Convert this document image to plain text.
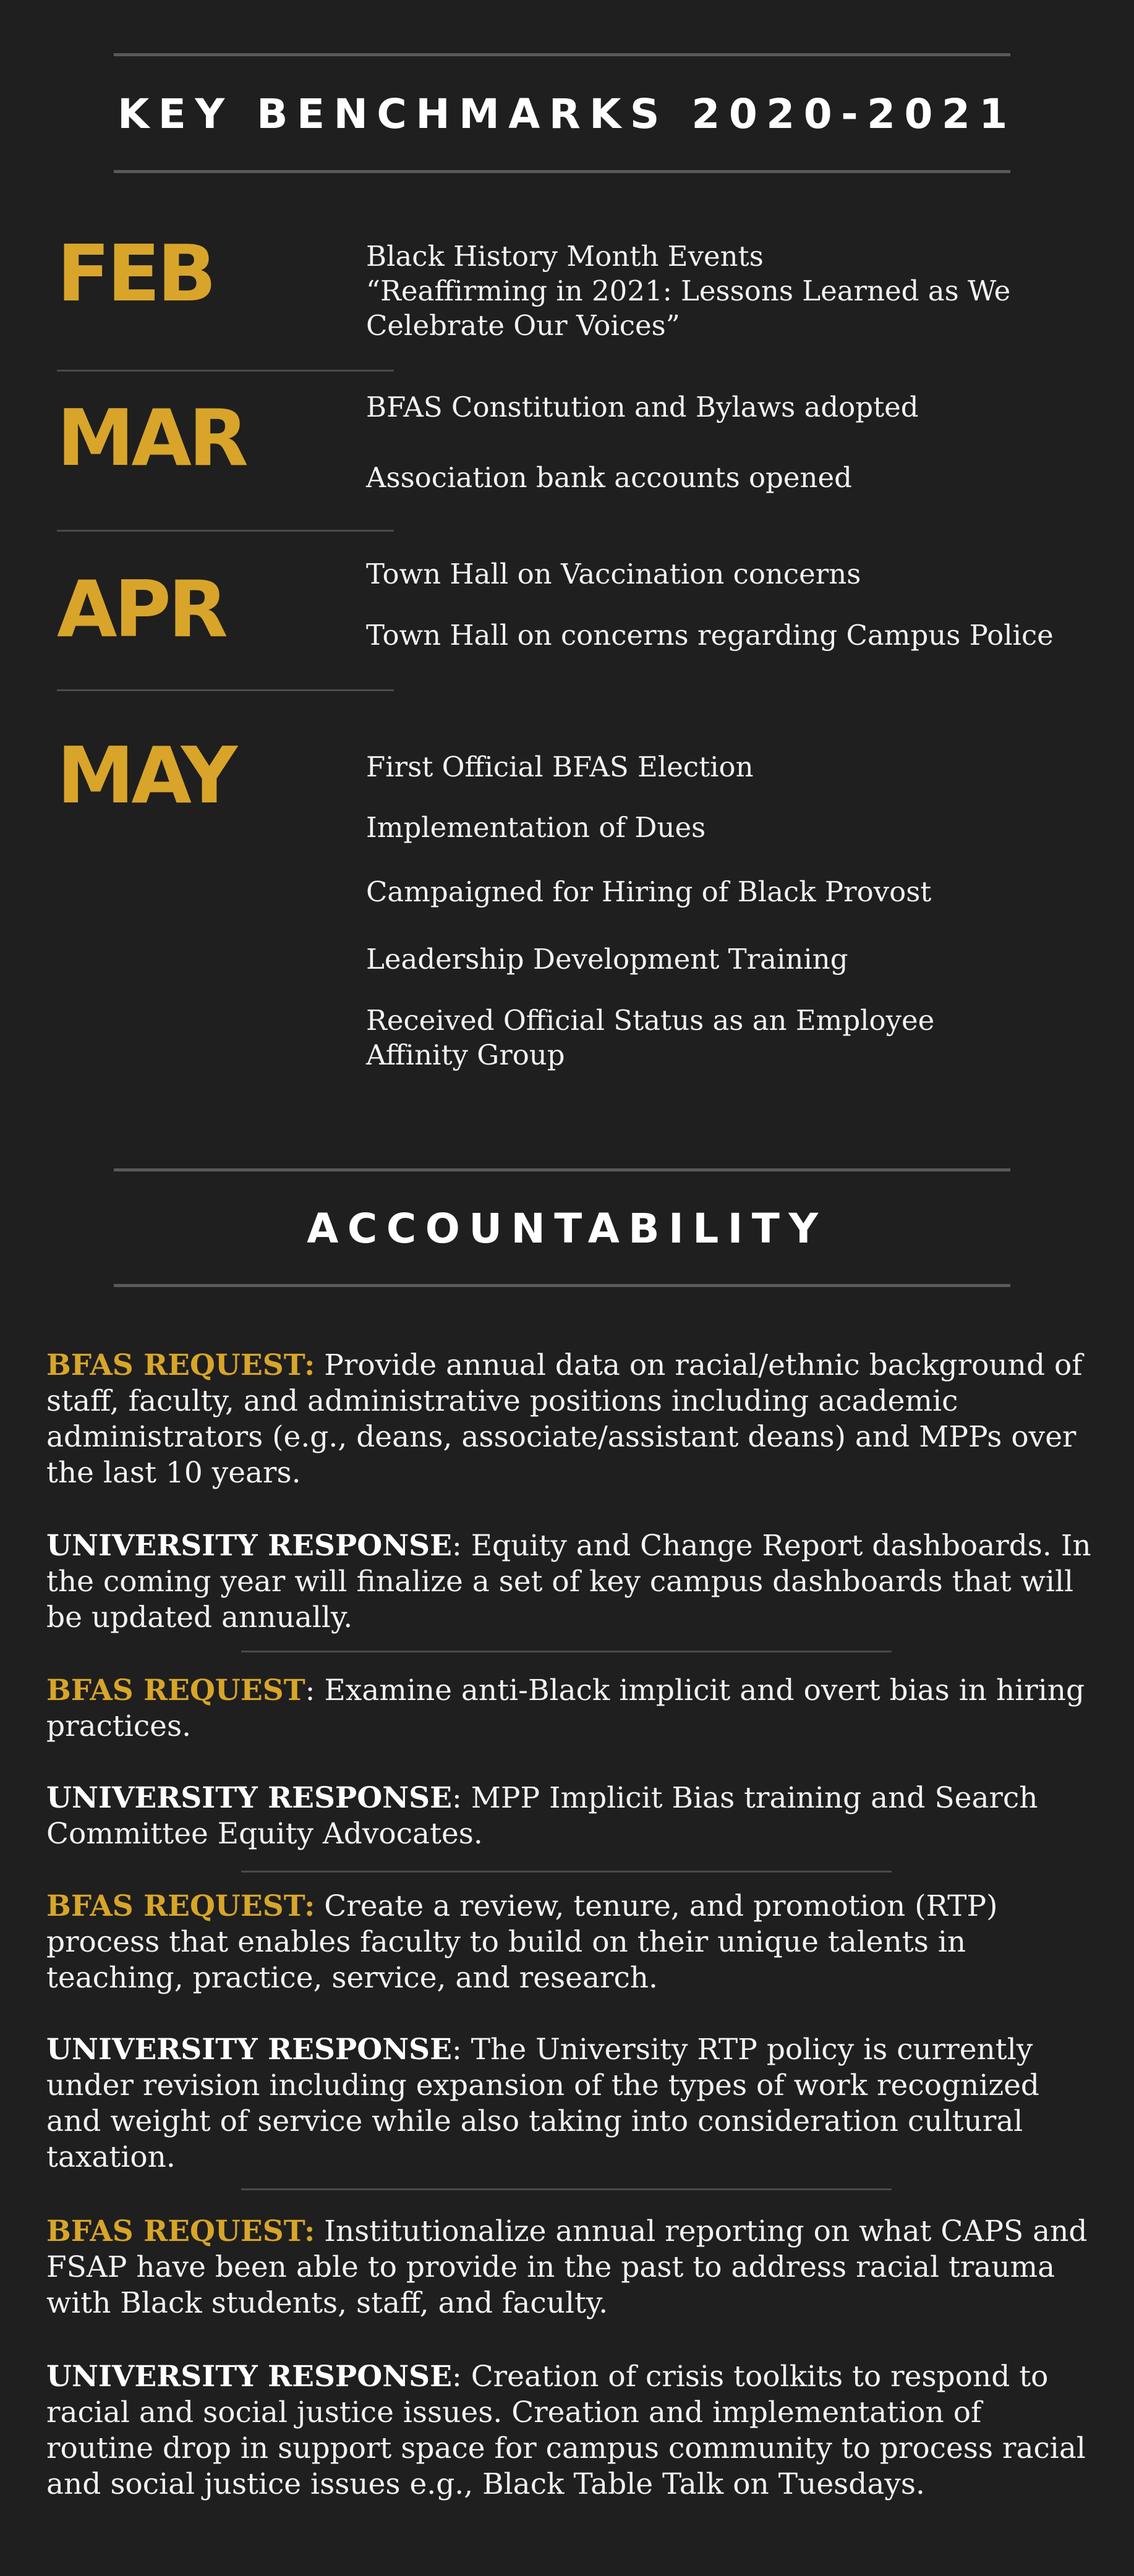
KEY BENCHMARKS 2020-2021
FEB	Black History Month Events
“Reaffirming in 2021: Lessons Learned as We
Celebrate Our Voices”
MAR	BFAS Constitution and Bylaws adopted
Association bank accounts opened
APR	Town Hall on Vaccination concerns
Town Hall on concerns regarding Campus Police
MAY	First Official BFAS Election
Implementation of Dues
Campaigned for Hiring of Black Provost
Leadership Development Training
Received Official Status as an Employee
Affinity Group
ACCOUNTABILITY
BFAS REQUEST: Provide annual data on racial/ethnic background of staff, faculty, and administrative positions including academic administrators (e.g., deans, associate/assistant deans) and MPPs over the last 10 years.
UNIVERSITY RESPONSE: Equity and Change Report dashboards. In the coming year will finalize a set of key campus dashboards that will be updated annually.
BFAS REQUEST: Examine anti-Black implicit and overt bias in hiring practices.
UNIVERSITY RESPONSE: MPP Implicit Bias training and Search Committee Equity Advocates.
BFAS REQUEST: Create a review, tenure, and promotion (RTP) process that enables faculty to build on their unique talents in teaching, practice, service, and research.
UNIVERSITY RESPONSE: The University RTP policy is currently under revision including expansion of the types of work recognized and weight of service while also taking into consideration cultural taxation.
BFAS REQUEST: Institutionalize annual reporting on what CAPS and FSAP have been able to provide in the past to address racial trauma with Black students, staff, and faculty.
UNIVERSITY RESPONSE: Creation of crisis toolkits to respond to racial and social justice issues. Creation and implementation of routine drop in support space for campus community to process racial and social justice issues e.g., Black Table Talk on Tuesdays.
